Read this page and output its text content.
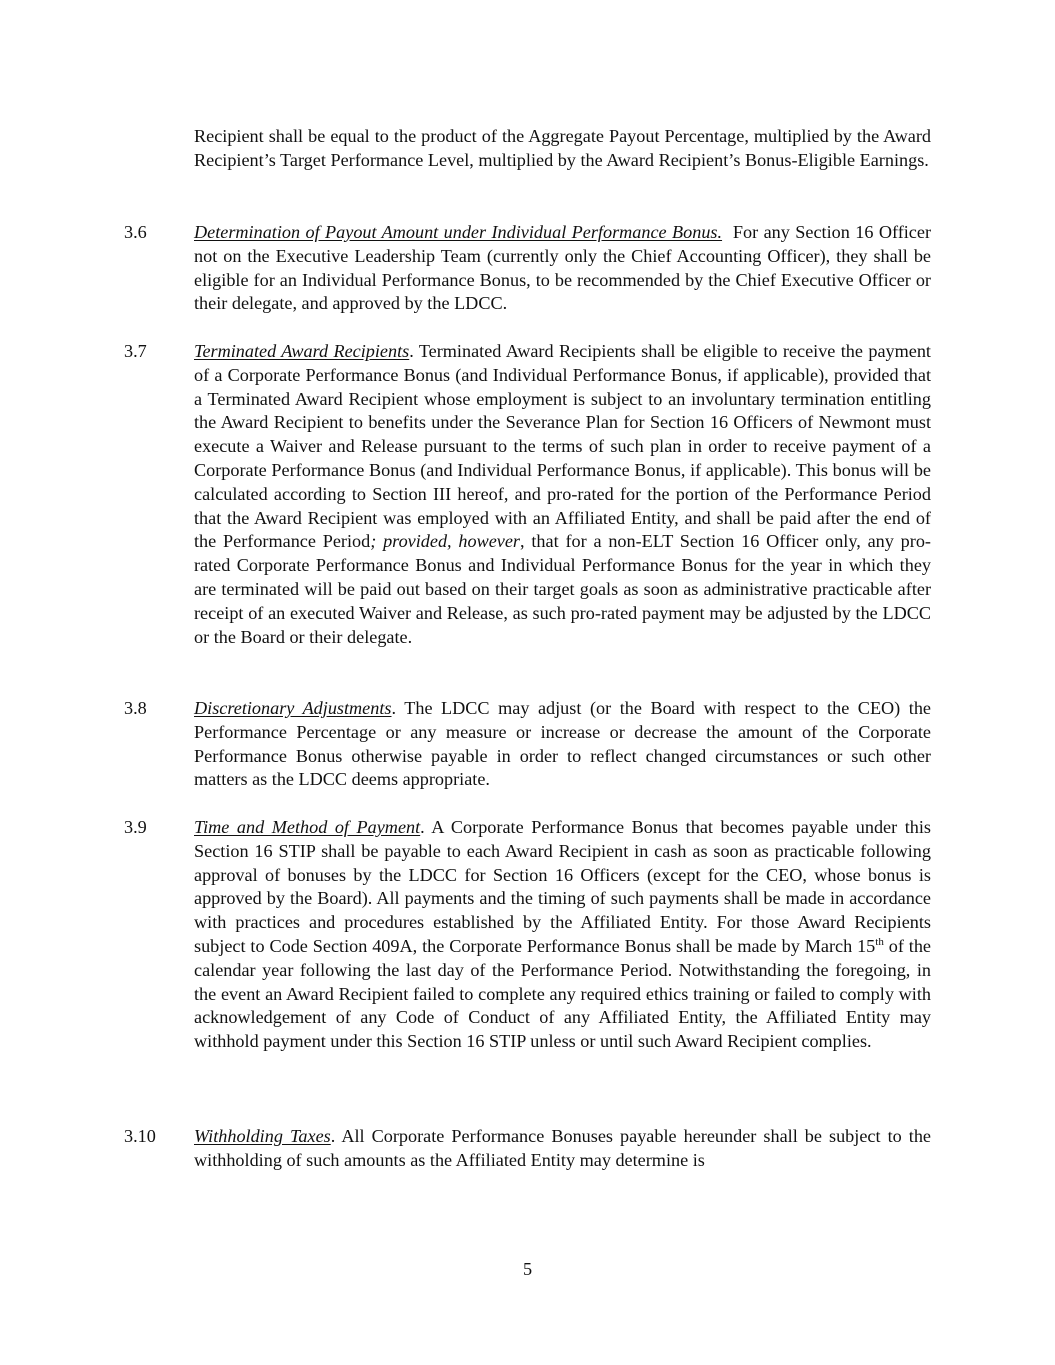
Recipient shall be equal to the product of the Aggregate Payout Percentage, multiplied by the Award Recipient’s Target Performance Level, multiplied by the Award Recipient’s Bonus-Eligible Earnings.

3.6	Determination of Payout Amount under Individual Performance Bonus. For any Section 16 Officer not on the Executive Leadership Team (currently only the Chief Accounting Officer), they shall be eligible for an Individual Performance Bonus, to be recommended by the Chief Executive Officer or their delegate, and approved by the LDCC.

3.7	Terminated Award Recipients. Terminated Award Recipients shall be eligible to receive the payment of a Corporate Performance Bonus (and Individual Performance Bonus, if applicable), provided that a Terminated Award Recipient whose employment is subject to an involuntary termination entitling the Award Recipient to benefits under the Severance Plan for Section 16 Officers of Newmont must execute a Waiver and Release pursuant to the terms of such plan in order to receive payment of a Corporate Performance Bonus (and Individual Performance Bonus, if applicable). This bonus will be calculated according to Section III hereof, and pro-rated for the portion of the Performance Period that the Award Recipient was employed with an Affiliated Entity, and shall be paid after the end of the Performance Period; provided, however, that for a non-ELT Section 16 Officer only, any pro-rated Corporate Performance Bonus and Individual Performance Bonus for the year in which they are terminated will be paid out based on their target goals as soon as administrative practicable after receipt of an executed Waiver and Release, as such pro-rated payment may be adjusted by the LDCC or the Board or their delegate.

3.8	Discretionary Adjustments. The LDCC may adjust (or the Board with respect to the CEO) the Performance Percentage or any measure or increase or decrease the amount of the Corporate Performance Bonus otherwise payable in order to reflect changed circumstances or such other matters as the LDCC deems appropriate.

3.9	Time and Method of Payment. A Corporate Performance Bonus that becomes payable under this Section 16 STIP shall be payable to each Award Recipient in cash as soon as practicable following approval of bonuses by the LDCC for Section 16 Officers (except for the CEO, whose bonus is approved by the Board). All payments and the timing of such payments shall be made in accordance with practices and procedures established by the Affiliated Entity. For those Award Recipients subject to Code Section 409A, the Corporate Performance Bonus shall be made by March 15th of the calendar year following the last day of the Performance Period. Notwithstanding the foregoing, in the event an Award Recipient failed to complete any required ethics training or failed to comply with acknowledgement of any Code of Conduct of any Affiliated Entity, the Affiliated Entity may withhold payment under this Section 16 STIP unless or until such Award Recipient complies.

3.10 Withholding Taxes. All Corporate Performance Bonuses payable hereunder shall be subject to the withholding of such amounts as the Affiliated Entity may determine is

5
